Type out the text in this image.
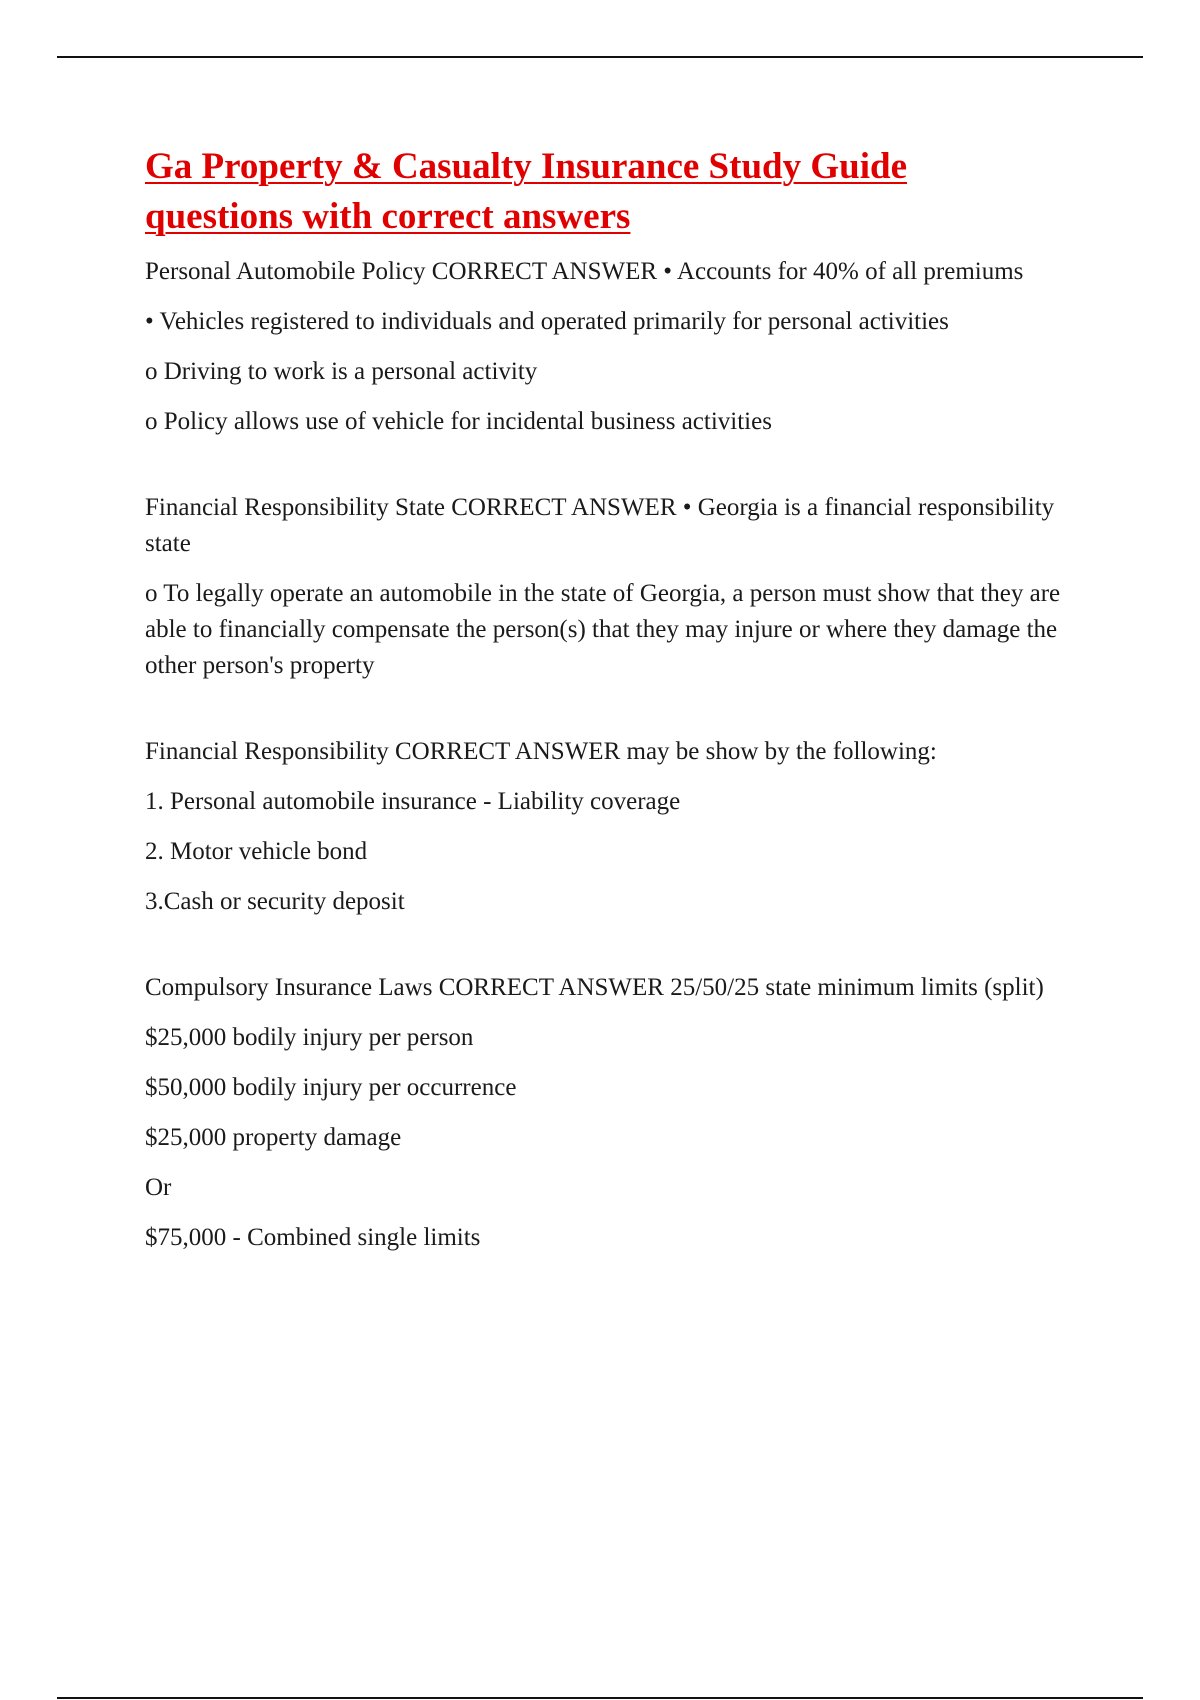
Ga Property & Casualty Insurance Study Guide
questions with correct answers

Personal Automobile Policy CORRECT ANSWER • Accounts for 40% of all premiums

• Vehicles registered to individuals and operated primarily for personal activities

o Driving to work is a personal activity

o Policy allows use of vehicle for incidental business activities

Financial Responsibility State CORRECT ANSWER • Georgia is a financial responsibility state

o To legally operate an automobile in the state of Georgia, a person must show that they are able to financially compensate the person(s) that they may injure or where they damage the other person's property

Financial Responsibility CORRECT ANSWER may be show by the following:

1. Personal automobile insurance - Liability coverage

2. Motor vehicle bond

3.Cash or security deposit

Compulsory Insurance Laws CORRECT ANSWER 25/50/25 state minimum limits (split)

$25,000 bodily injury per person

$50,000 bodily injury per occurrence

$25,000 property damage

Or

$75,000 - Combined single limits
